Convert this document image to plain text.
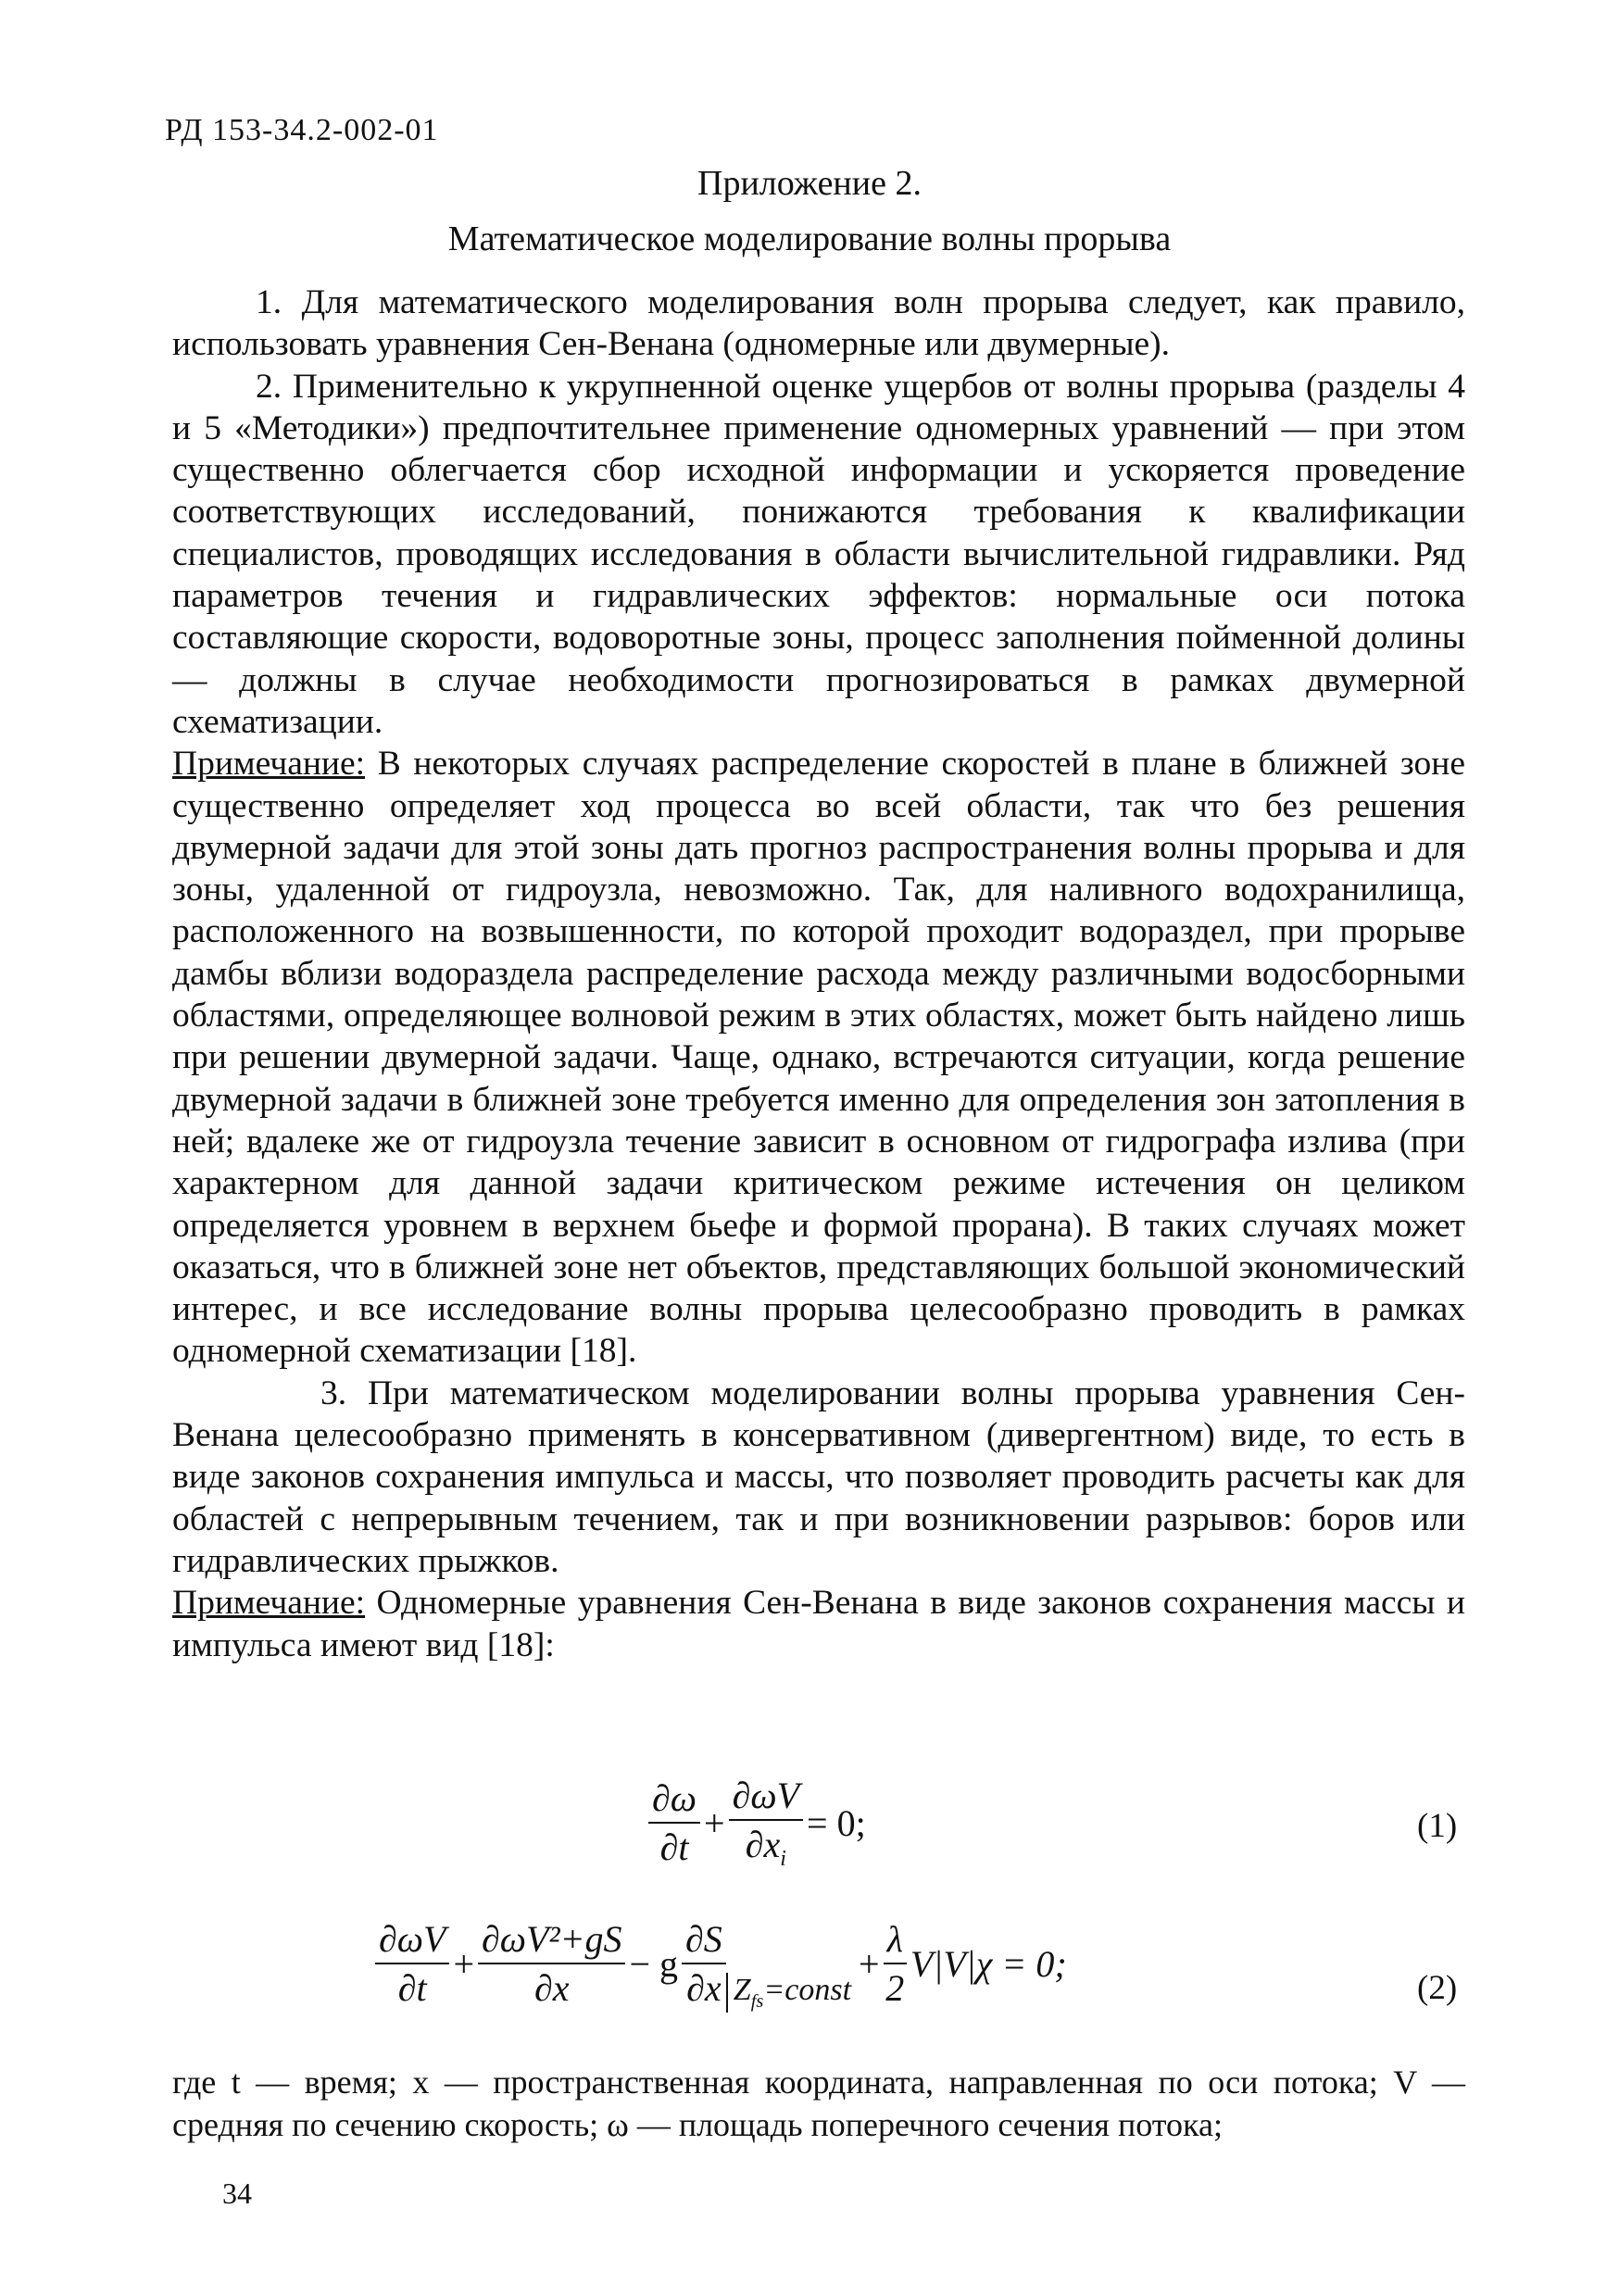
РД 153-34.2-002-01
Приложение 2.
Математическое моделирование волны прорыва

1. Для математического моделирования волн прорыва следует, как правило, использовать уравнения Сен-Венана (одномерные или двумерные).

2. Применительно к укрупненной оценке ущербов от волны прорыва (разделы 4 и 5 «Методики») предпочтительнее применение одномерных уравнений — при этом существенно облегчается сбор исходной информации и ускоряется проведение соответствующих исследований, понижаются требования к квалификации специалистов, проводящих исследования в области вычислительной гидравлики. Ряд параметров течения и гидравлических эффектов: нормальные оси потока составляющие скорости, водоворотные зоны, процесс заполнения пойменной долины — должны в случае необходимости прогнозироваться в рамках двумерной схематизации.

Примечание: В некоторых случаях распределение скоростей в плане в ближней зоне существенно определяет ход процесса во всей области, так что без решения двумерной задачи для этой зоны дать прогноз распространения волны прорыва и для зоны, удаленной от гидроузла, невозможно. Так, для наливного водохранилища, расположенного на возвышенности, по которой проходит водораздел, при прорыве дамбы вблизи водораздела распределение расхода между различными водосборными областями, определяющее волновой режим в этих областях, может быть найдено лишь при решении двумерной задачи. Чаще, однако, встречаются ситуации, когда решение двумерной задачи в ближней зоне требуется именно для определения зон затопления в ней; вдалеке же от гидроузла течение зависит в основном от гидрографа излива (при характерном для данной задачи критическом режиме истечения он целиком определяется уровнем в верхнем бьефе и формой прорана). В таких случаях может оказаться, что в ближней зоне нет объектов, представляющих большой экономический интерес, и все исследование волны прорыва целесообразно проводить в рамках одномерной схематизации [18].

3. При математическом моделировании волны прорыва уравнения Сен-Венана целесообразно применять в консервативном (дивергентном) виде, то есть в виде законов сохранения импульса и массы, что позволяет проводить расчеты как для областей с непрерывным течением, так и при возникновении разрывов: боров или гидравлических прыжков.

Примечание: Одномерные уравнения Сен-Венана в виде законов сохранения массы и импульса имеют вид [18]:

$\frac{\partial\omega}{\partial t} + \frac{\partial\omega V}{\partial x_i} = 0$;	(1)
$\frac{\partial\omega V}{\partial t} + \frac{\text{∂ωV²+gS}}{\partial x} - g \frac{\partial S}{\partial x}$ $Z_{fs}=const+ \frac{\lambda}{2} V|V|\chi = 0$;
(2)

где t — время; x — пространственная координата, направленная по оси потока; V — средняя по сечению скорость; ω — площадь поперечного сечения потока;

34
